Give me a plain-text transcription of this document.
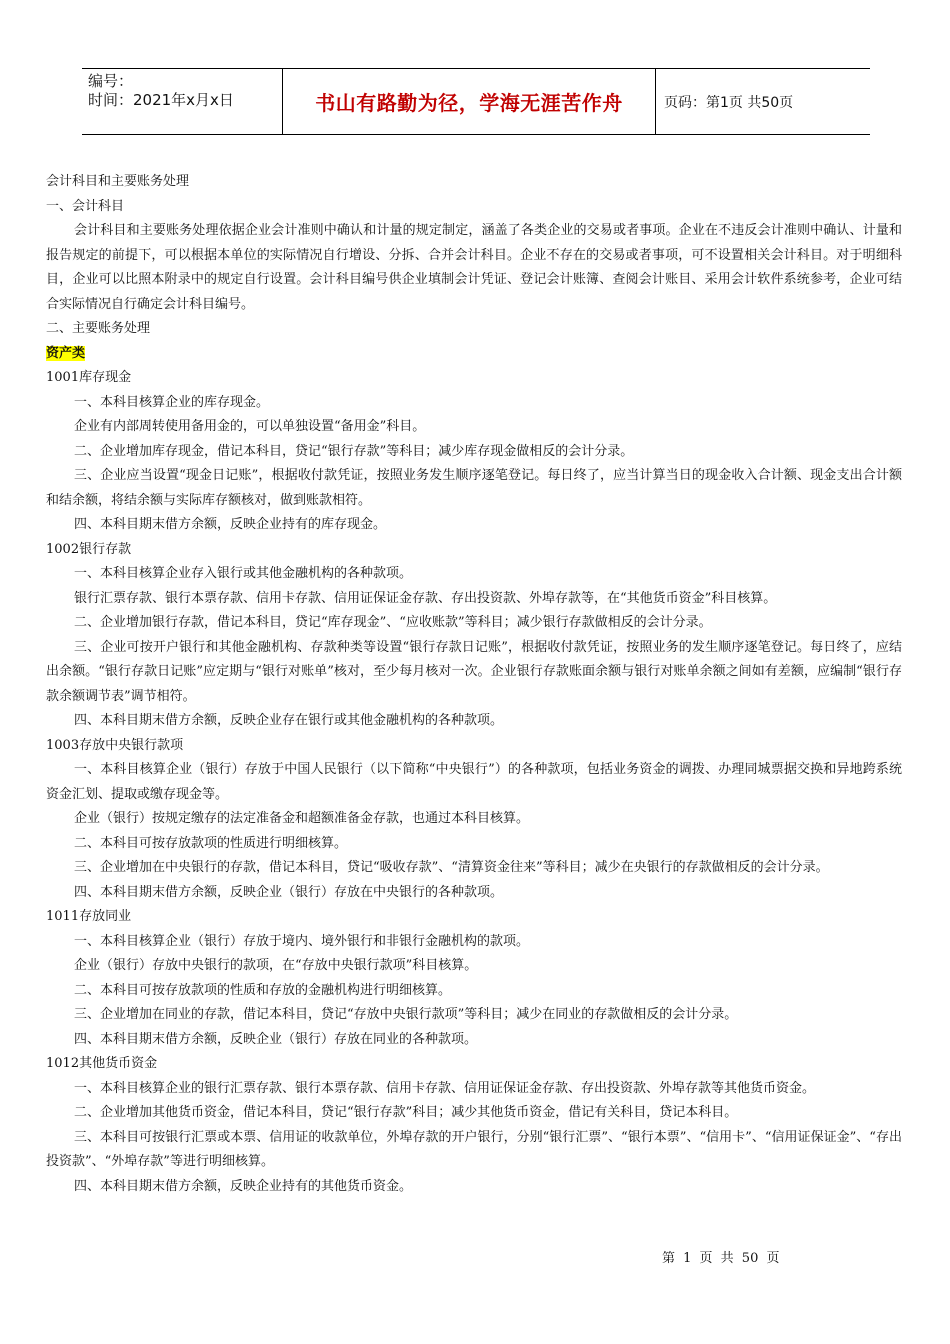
编号：
时间：2021年x月x日	书山有路勤为径，学海无涯苦作舟	页码：第1页 共50页

会计科目和主要账务处理

一、会计科目

会计科目和主要账务处理依据企业会计准则中确认和计量的规定制定，涵盖了各类企业的交易或者事项。企业在不违反会计准则中确认、计量和报告规定的前提下，可以根据本单位的实际情况自行增设、分拆、合并会计科目。企业不存在的交易或者事项，可不设置相关会计科目。对于明细科目，企业可以比照本附录中的规定自行设置。会计科目编号供企业填制会计凭证、登记会计账簿、查阅会计账目、采用会计软件系统参考，企业可结合实际情况自行确定会计科目编号。

二、主要账务处理

资产类

1001库存现金

一、本科目核算企业的库存现金。

企业有内部周转使用备用金的，可以单独设置“备用金”科目。

二、企业增加库存现金，借记本科目，贷记“银行存款”等科目；减少库存现金做相反的会计分录。

三、企业应当设置“现金日记账”，根据收付款凭证，按照业务发生顺序逐笔登记。每日终了，应当计算当日的现金收入合计额、现金支出合计额和结余额，将结余额与实际库存额核对，做到账款相符。

四、本科目期末借方余额，反映企业持有的库存现金。

1002银行存款

一、本科目核算企业存入银行或其他金融机构的各种款项。

银行汇票存款、银行本票存款、信用卡存款、信用证保证金存款、存出投资款、外埠存款等，在“其他货币资金”科目核算。

二、企业增加银行存款，借记本科目，贷记“库存现金”、“应收账款”等科目；减少银行存款做相反的会计分录。

三、企业可按开户银行和其他金融机构、存款种类等设置“银行存款日记账”，根据收付款凭证，按照业务的发生顺序逐笔登记。每日终了，应结出余额。“银行存款日记账”应定期与“银行对账单”核对，至少每月核对一次。企业银行存款账面余额与银行对账单余额之间如有差额，应编制“银行存款余额调节表”调节相符。

四、本科目期末借方余额，反映企业存在银行或其他金融机构的各种款项。

1003存放中央银行款项

一、本科目核算企业（银行）存放于中国人民银行（以下简称“中央银行”）的各种款项，包括业务资金的调拨、办理同城票据交换和异地跨系统资金汇划、提取或缴存现金等。

企业（银行）按规定缴存的法定准备金和超额准备金存款，也通过本科目核算。

二、本科目可按存放款项的性质进行明细核算。

三、企业增加在中央银行的存款，借记本科目，贷记“吸收存款”、“清算资金往来”等科目；减少在央银行的存款做相反的会计分录。

四、本科目期末借方余额，反映企业（银行）存放在中央银行的各种款项。

1011存放同业

一、本科目核算企业（银行）存放于境内、境外银行和非银行金融机构的款项。

企业（银行）存放中央银行的款项，在“存放中央银行款项”科目核算。

二、本科目可按存放款项的性质和存放的金融机构进行明细核算。

三、企业增加在同业的存款，借记本科目，贷记“存放中央银行款项”等科目；减少在同业的存款做相反的会计分录。

四、本科目期末借方余额，反映企业（银行）存放在同业的各种款项。

1012其他货币资金

一、本科目核算企业的银行汇票存款、银行本票存款、信用卡存款、信用证保证金存款、存出投资款、外埠存款等其他货币资金。

二、企业增加其他货币资金，借记本科目，贷记“银行存款”科目；减少其他货币资金，借记有关科目，贷记本科目。

三、本科目可按银行汇票或本票、信用证的收款单位，外埠存款的开户银行，分别“银行汇票”、“银行本票”、“信用卡”、“信用证保证金”、“存出投资款”、“外埠存款”等进行明细核算。

四、本科目期末借方余额，反映企业持有的其他货币资金。

第 1 页 共 50 页
